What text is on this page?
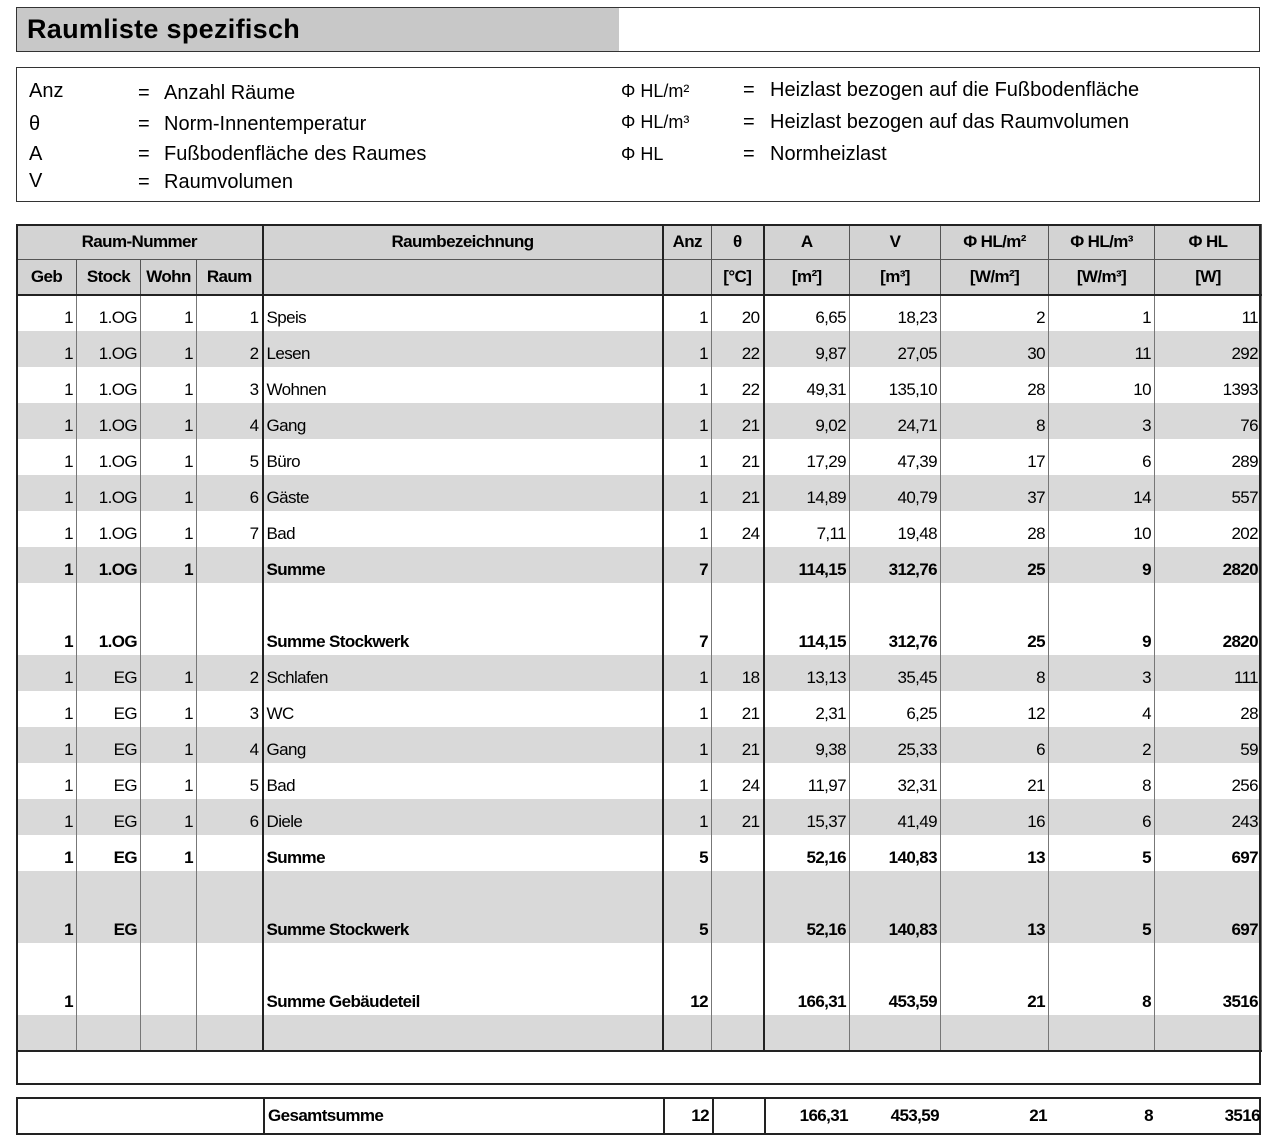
Raumliste spezifisch
Anz	= Anzahl Räume
θ	= Norm-Innentemperatur
A	= Fußbodenfläche des Raumes
V	= Raumvolumen
Φ HL/m²	= Heizlast bezogen auf die Fußbodenfläche
Φ HL/m³	= Heizlast bezogen auf das Raumvolumen
Φ HL	= Normheizlast
Raum-Nummer				Raumbezeichnung	Anz	θ	A	V	Φ HL/m²	Φ HL/m³	Φ HL
Geb	Stock	Wohn	Raum			[°C]	[m²]	[m³]	[W/m²]	[W/m³]	[W]
1	1.OG	1	1	Speis	1	20	6,65	18,23	2	1	11
1	1.OG	1	2	Lesen	1	22	9,87	27,05	30	11	292
1	1.OG	1	3	Wohnen	1	22	49,31	135,10	28	10	1393
1	1.OG	1	4	Gang	1	21	9,02	24,71	8	3	76
1	1.OG	1	5	Büro	1	21	17,29	47,39	17	6	289
1	1.OG	1	6	Gäste	1	21	14,89	40,79	37	14	557
1	1.OG	1	7	Bad	1	24	7,11	19,48	28	10	202
1	1.OG	1		Summe	7		114,15	312,76	25	9	2820
1	1.OG			Summe Stockwerk	7		114,15	312,76	25	9	2820
1	EG	1	2	Schlafen	1	18	13,13	35,45	8	3	111
1	EG	1	3	WC	1	21	2,31	6,25	12	4	28
1	EG	1	4	Gang	1	21	9,38	25,33	6	2	59
1	EG	1	5	Bad	1	24	11,97	32,31	21	8	256
1	EG	1	6	Diele	1	21	15,37	41,49	16	6	243
1	EG	1		Summe	5		52,16	140,83	13	5	697
1	EG			Summe Stockwerk	5		52,16	140,83	13	5	697
1				Summe Gebäudeteil	12		166,31	453,59	21	8	3516

	Gesamtsumme	12		166,31	453,59	21	8	3516
